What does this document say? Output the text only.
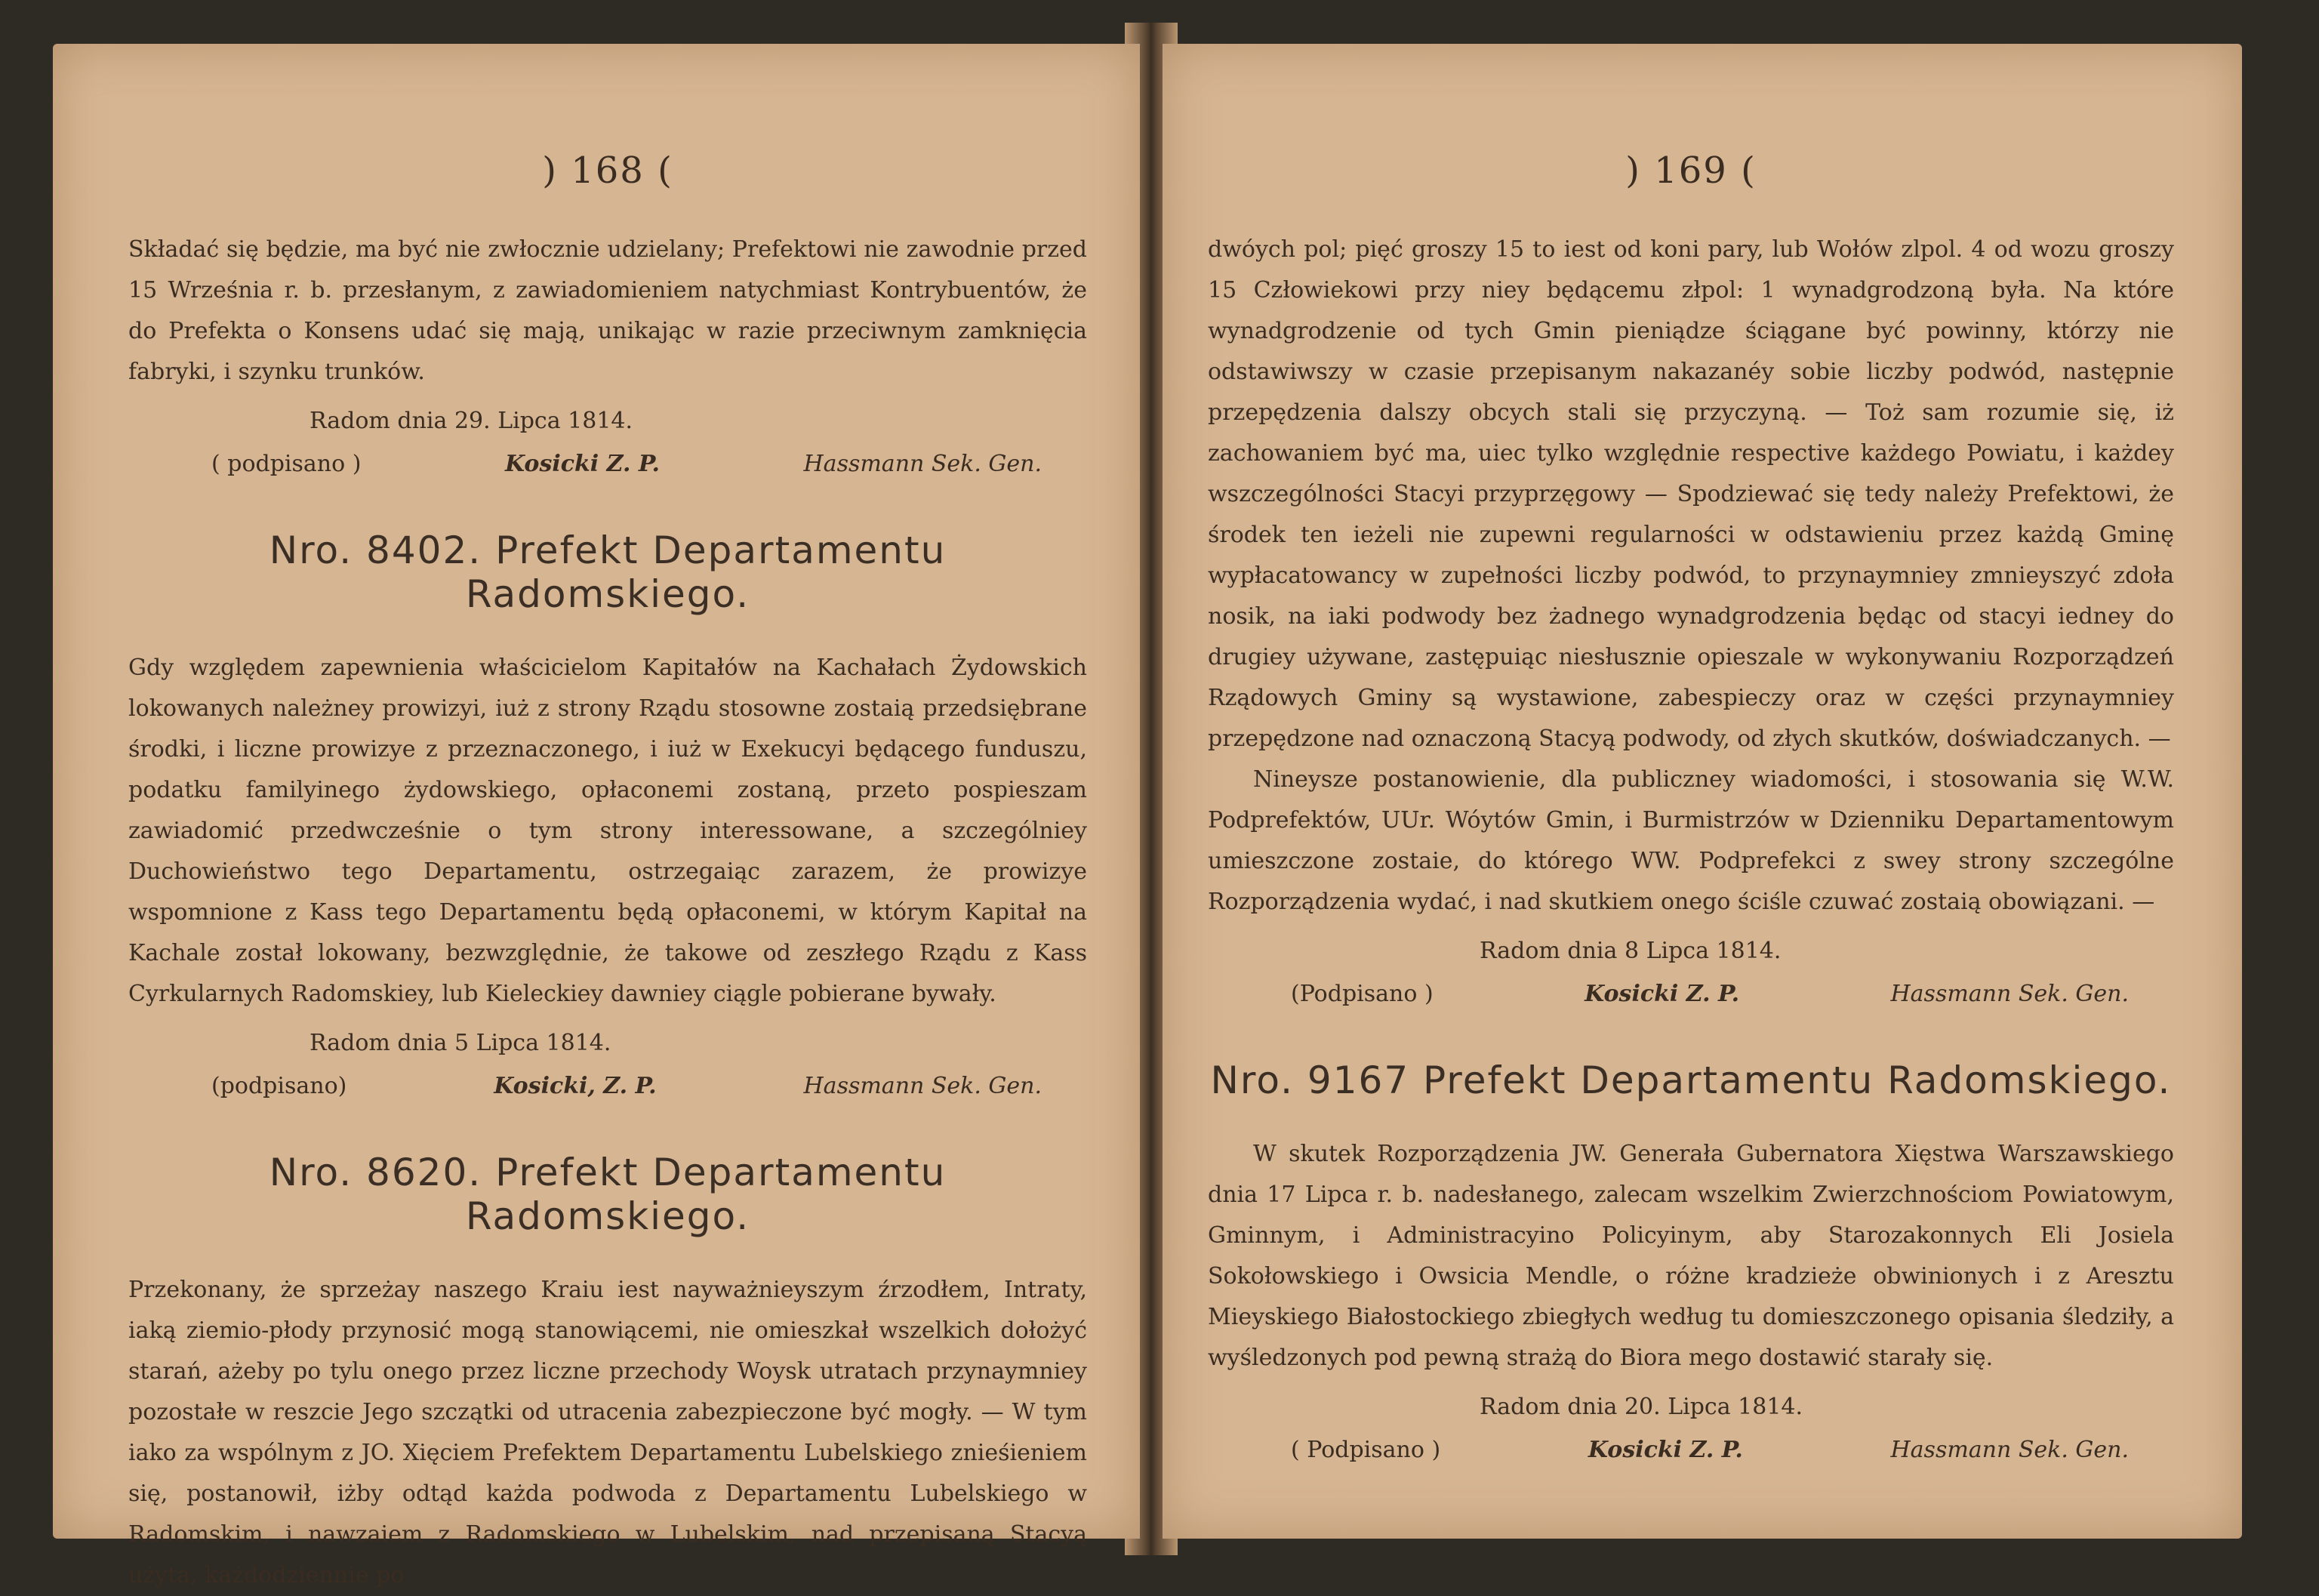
) 168 (

Składać się będzie, ma być nie zwłocznie udzielany; Prefektowi nie zawodnie przed 15 Września r. b. przesłanym, z zawiadomieniem natychmiast Kontrybuentów, że do Prefekta o Konsens udać się mają, unikając w razie przeciwnym zamknięcia fabryki, i szynku trunków.

Radom dnia 29. Lipca 1814.
( podpisano )	Kosicki Z. P.	Hassmann Sek. Gen.
Nro. 8402. Prefekt Departamentu Radomskiego.

Gdy względem zapewnienia właścicielom Kapitałów na Kachałach Żydowskich lokowanych należney prowizyi, iuż z strony Rządu stosowne zostaią przedsiębrane środki, i liczne prowizye z przeznaczonego, i iuż w Exekucyi będącego funduszu, podatku familyinego żydowskiego, opłaconemi zostaną, przeto pospieszam zawiadomić przedwcześnie o tym strony interessowane, a szczególniey Duchowieństwo tego Departamentu, ostrzegaiąc zarazem, że prowizye wspomnione z Kass tego Departamentu będą opłaconemi, w którym Kapitał na Kachale został lokowany, bezwzględnie, że takowe od zeszłego Rządu z Kass Cyrkularnych Radomskiey, lub Kieleckiey dawniey ciągle pobierane bywały.

Radom dnia 5 Lipca 1814.
(podpisano)	Kosicki, Z. P.	Hassmann Sek. Gen.
Nro. 8620. Prefekt Departamentu Radomskiego.

Przekonany, że sprzeżay naszego Kraiu iest nayważnieyszym źrzodłem, Intraty, iaką ziemio-płody przynosić mogą stanowiącemi, nie omieszkał wszelkich dołożyć starań, ażeby po tylu onego przez liczne przechody Woysk utratach przynaymniey pozostałe w reszcie Jego szczątki od utracenia zabezpieczone być mogły. — W tym iako za wspólnym z JO. Xięciem Prefektem Departamentu Lubelskiego znieśieniem się, postanowił, iżby odtąd każda podwoda z Departamentu Lubelskiego w Radomskim, i nawzaiem z Radomskiego w Lubelskim, nad przepisaną Stacyą użyta, każdodziennie po

) 169 (

dwóych pol; pięć groszy 15 to iest od koni pary, lub Wołów zlpol. 4 od wozu groszy 15 Człowiekowi przy niey będącemu złpol: 1 wynadgrodzoną była. Na które wynadgrodzenie od tych Gmin pieniądze ściągane być powinny, którzy nie odstawiwszy w czasie przepisanym nakazanéy sobie liczby podwód, następnie przepędzenia dalszy obcych stali się przyczyną. — Toż sam rozumie się, iż zachowaniem być ma, uiec tylko względnie respective każdego Powiatu, i każdey wszczególności Stacyi przyprzęgowy — Spodziewać się tedy należy Prefektowi, że środek ten ieżeli nie zupewni regularności w odstawieniu przez każdą Gminę wypłacatowancy w zupełności liczby podwód, to przynaymniey zmnieyszyć zdoła nosik, na iaki podwody bez żadnego wynadgrodzenia będąc od stacyi iedney do drugiey używane, zastępuiąc niesłusznie opieszale w wykonywaniu Rozporządzeń Rządowych Gminy są wystawione, zabespieczy oraz w części przynaymniey przepędzone nad oznaczoną Stacyą podwody, od złych skutków, doświadczanych. —

Nineysze postanowienie, dla publiczney wiadomości, i stosowania się W.W. Podprefektów, UUr. Wóytów Gmin, i Burmistrzów w Dzienniku Departamentowym umieszczone zostaie, do którego WW. Podprefekci z swey strony szczególne Rozporządzenia wydać, i nad skutkiem onego ściśle czuwać zostaią obowiązani. —

Radom dnia 8 Lipca 1814.
(Podpisano )	Kosicki Z. P.	Hassmann Sek. Gen.
Nro. 9167 Prefekt Departamentu Radomskiego.

W skutek Rozporządzenia JW. Generała Gubernatora Xięstwa Warszawskiego dnia 17 Lipca r. b. nadesłanego, zalecam wszelkim Zwierzchnościom Powiatowym, Gminnym, i Administracyino Policyinym, aby Starozakonnych Eli Josiela Sokołowskiego i Owsicia Mendle, o różne kradzieże obwinionych i z Aresztu Mieyskiego Białostockiego zbiegłych według tu domieszczonego opisania śledziły, a wyśledzonych pod pewną strażą do Biora mego dostawić starały się.

Radom dnia 20. Lipca 1814.
( Podpisano )	Kosicki Z. P.	Hassmann Sek. Gen.
